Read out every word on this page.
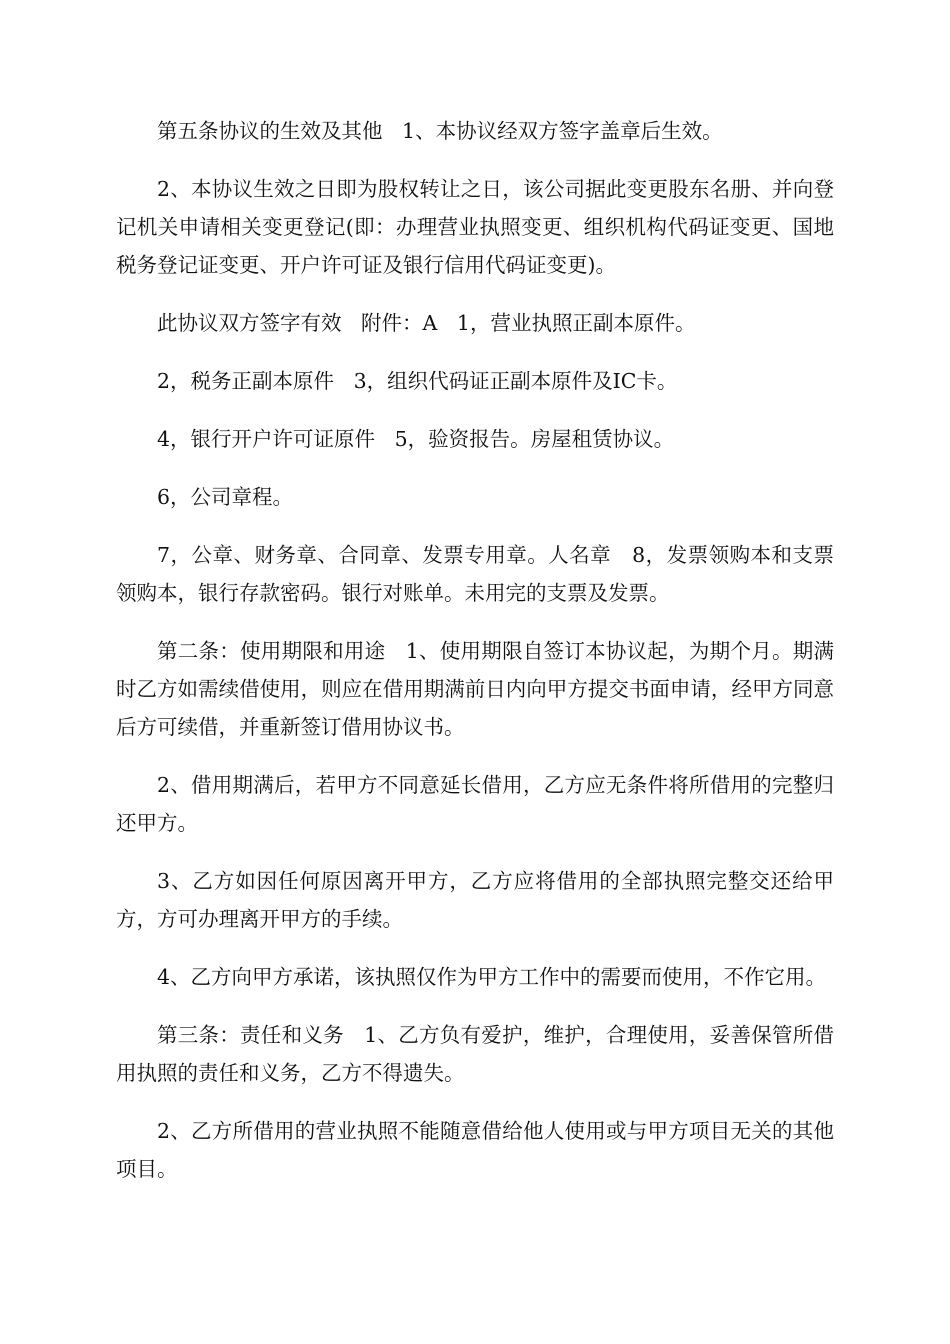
第五条协议的生效及其他   1、本协议经双方签字盖章后生效。

2、本协议生效之日即为股权转让之日，该公司据此变更股东名册、并向登记机关申请相关变更登记(即：办理营业执照变更、组织机构代码证变更、国地税务登记证变更、开户许可证及银行信用代码证变更)。

此协议双方签字有效   附件：A   1，营业执照正副本原件。

2，税务正副本原件   3，组织代码证正副本原件及IC卡。

4，银行开户许可证原件   5，验资报告。房屋租赁协议。

6，公司章程。

7，公章、财务章、合同章、发票专用章。人名章   8，发票领购本和支票领购本，银行存款密码。银行对账单。未用完的支票及发票。

第二条：使用期限和用途   1、使用期限自签订本协议起，为期个月。期满时乙方如需续借使用，则应在借用期满前日内向甲方提交书面申请，经甲方同意后方可续借，并重新签订借用协议书。

2、借用期满后，若甲方不同意延长借用，乙方应无条件将所借用的完整归还甲方。

3、乙方如因任何原因离开甲方，乙方应将借用的全部执照完整交还给甲方，方可办理离开甲方的手续。

4、乙方向甲方承诺，该执照仅作为甲方工作中的需要而使用，不作它用。

第三条：责任和义务   1、乙方负有爱护，维护，合理使用，妥善保管所借用执照的责任和义务，乙方不得遗失。

2、乙方所借用的营业执照不能随意借给他人使用或与甲方项目无关的其他项目。
